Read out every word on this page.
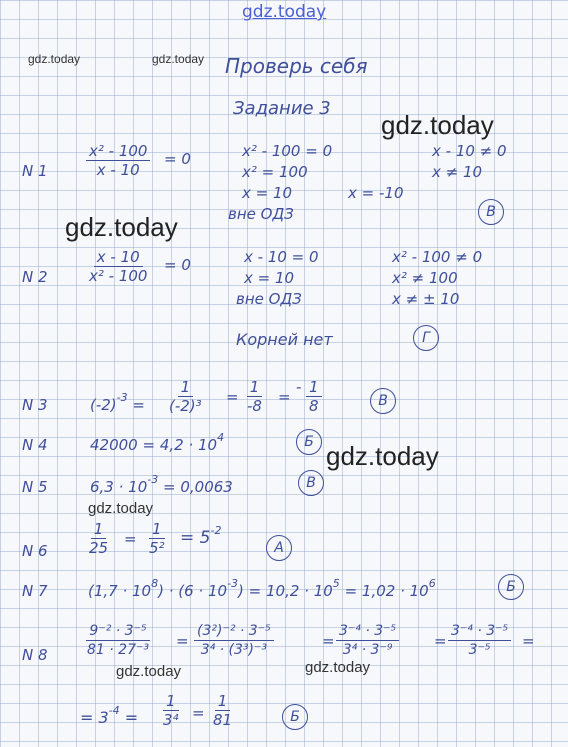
gdz.today
gdz.today	gdz.today
gdz.today
gdz.today
gdz.today
gdz.today
gdz.today	gdz.today
Проверь себя
Задание 3
N 1	$\frac{\text{x² - 100}}{x - 10} = 0$	x² - 100 = 0
x² = 100
x = 10	x = -10
вне ОДЗ
x - 10 ≠ 0
x ≠ 10
В
N 2	$\frac{x - 10}{\text{x² - 100}} = 0$	x - 10 = 0
x = 10
вне ОДЗ
x² - 100 ≠ 0
x² ≠ 100
x ≠ ± 10
Корней нет	Г
N 3	$(-2)^{-3} = \frac{1}{\text{(-2)³}} = \frac{1}{-8}$ =
- $\frac{1}{8}$	В
N 4	$42000 = 4,2 \cdot 10^4$	Б
N 5	$6,3 \cdot 10^{-3} = 0,0063$	В
N 6	$\frac{1}{25} = \frac{1}{\text{5²}} = 5^{-2}$
А
N 7	$(1,7 \cdot 10^8) \cdot (6 \cdot 10^{-3}) = 10,2 \cdot 10^5 = 1,02 \cdot 10^6$	Б
N 8	$\frac{\text{9⁻² · 3⁻⁵}}{\text{81 · 27⁻³}} = \frac{\text{(3²)⁻² · 3⁻⁵}}{\text{3⁴ · (3³)⁻³}}$	= $\frac{\text{3⁻⁴ · 3⁻⁵}}{\text{3⁴ · 3⁻⁹}} = \frac{\text{3⁻⁴ · 3⁻⁵}}{\text{3⁻⁵}}$ =
= $3^{-4} = \frac{1}{\text{3⁴}} = \frac{1}{81}$	Б
